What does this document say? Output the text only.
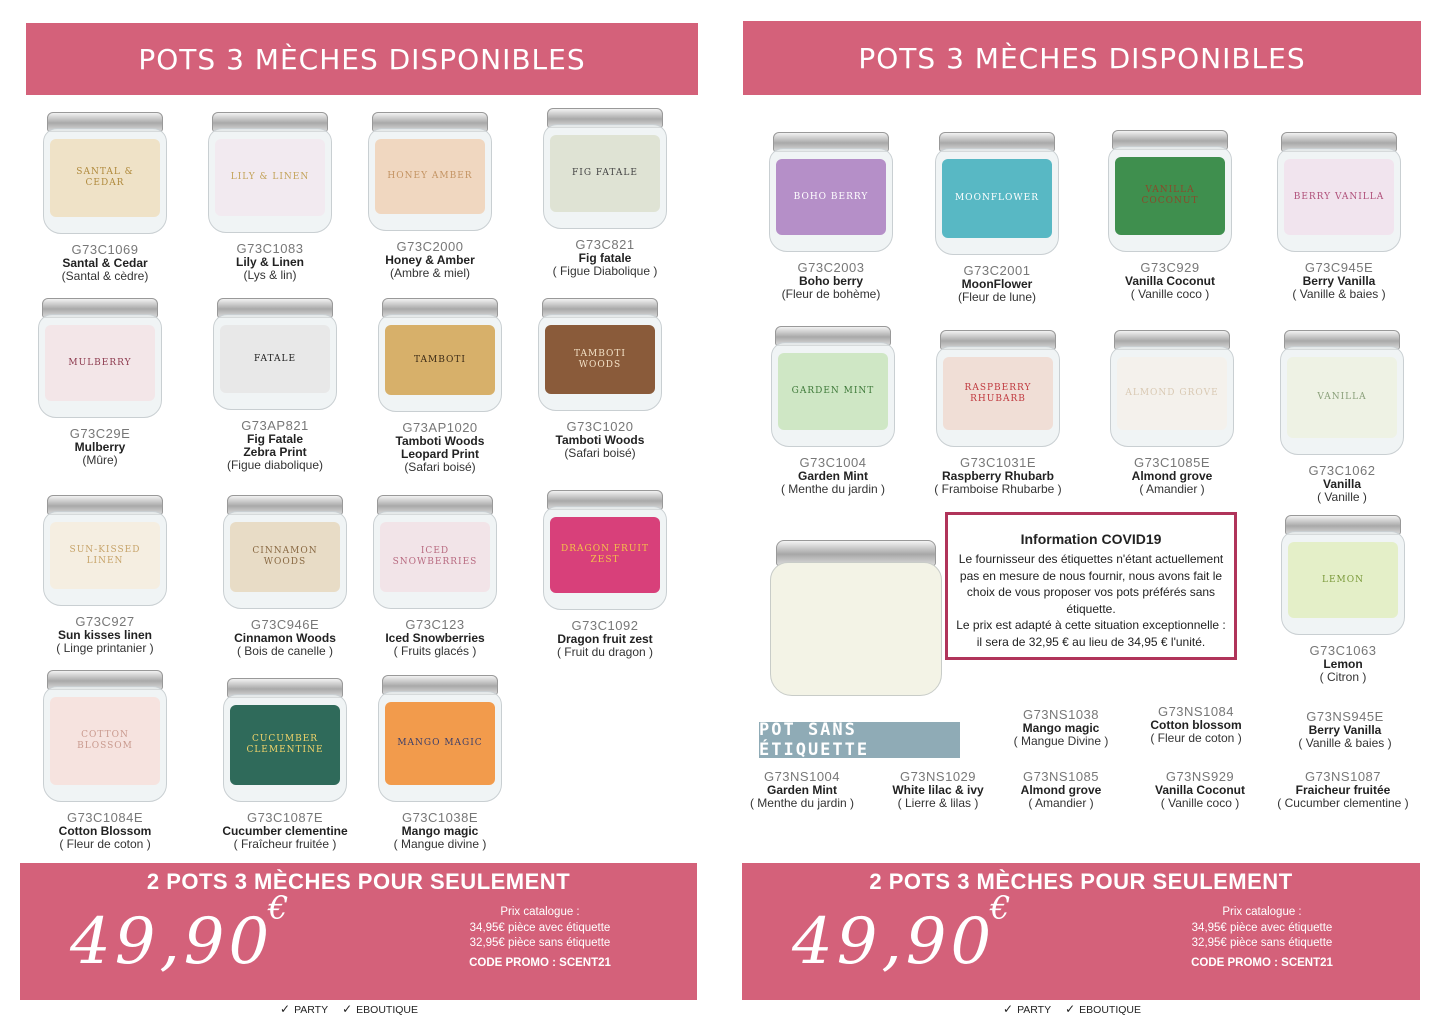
POTS 3 MÈCHES DISPONIBLES
SANTAL & CEDAR
G73C1069
Santal & Cedar
(Santal & cèdre)
LILY & LINEN
G73C1083
Lily & Linen
(Lys & lin)
HONEY AMBER
G73C2000
Honey & Amber
(Ambre & miel)
FIG FATALE
G73C821
Fig fatale
( Figue Diabolique )
MULBERRY
G73C29E
Mulberry
(Mûre)
FATALE
G73AP821
Fig Fatale
Zebra Print
(Figue diabolique)
TAMBOTI
G73AP1020
Tamboti Woods
Leopard Print
(Safari boisé)
TAMBOTI WOODS
G73C1020
Tamboti Woods
(Safari boisé)
SUN-KISSED LINEN
G73C927
Sun kisses linen
( Linge printanier )
CINNAMON WOODS
G73C946E
Cinnamon Woods
( Bois de canelle )
ICED SNOWBERRIES
G73C123
Iced Snowberries
( Fruits glacés )
DRAGON FRUIT ZEST
G73C1092
Dragon fruit zest
( Fruit du dragon )
COTTON BLOSSOM
G73C1084E
Cotton Blossom
( Fleur de coton )
CUCUMBER CLEMENTINE
G73C1087E
Cucumber clementine
( Fraîcheur fruitée )
MANGO MAGIC
G73C1038E
Mango magic
( Mangue divine )
2 POTS 3 MÈCHES POUR SEULEMENT
49,90
€	Prix catalogue :
34,95€ pièce avec étiquette
32,95€ pièce sans étiquette
CODE PROMO : SCENT21
✓ PARTY ✓ EBOUTIQUE
POTS 3 MÈCHES DISPONIBLES
BOHO BERRY
G73C2003
Boho berry
(Fleur de bohème)
MOONFLOWER
G73C2001
MoonFlower
(Fleur de lune)
VANILLA COCONUT
G73C929
Vanilla Coconut
( Vanille coco )
BERRY VANILLA
G73C945E
Berry Vanilla
( Vanille & baies )
GARDEN MINT
G73C1004
Garden Mint
( Menthe du jardin )
RASPBERRY RHUBARB
G73C1031E
Raspberry Rhubarb
( Framboise Rhubarbe )
ALMOND GROVE
G73C1085E
Almond grove
( Amandier )
VANILLA
G73C1062
Vanilla
( Vanille )
LEMON
G73C1063
Lemon
( Citron )
Information COVID19
Le fournisseur des étiquettes n'étant actuellement pas en mesure de nous fournir, nous avons fait le choix de vous proposer vos pots préférés sans étiquette.
Le prix est adapté à cette situation exceptionnelle : il sera de 32,95 € au lieu de 34,95 € l'unité.
POT SANS ÉTIQUETTE
G73NS1038
Mango magic
( Mangue Divine )
G73NS1084
Cotton blossom
( Fleur de coton )
G73NS945E
Berry Vanilla
( Vanille & baies )
G73NS1004
Garden Mint
( Menthe du jardin )
G73NS1029
White lilac & ivy
( Lierre & lilas )
G73NS1085
Almond grove
( Amandier )
G73NS929
Vanilla Coconut
( Vanille coco )
G73NS1087
Fraicheur fruitée
( Cucumber clementine )
2 POTS 3 MÈCHES POUR SEULEMENT
49,90
€	Prix catalogue :
34,95€ pièce avec étiquette
32,95€ pièce sans étiquette
CODE PROMO : SCENT21
✓ PARTY ✓ EBOUTIQUE
